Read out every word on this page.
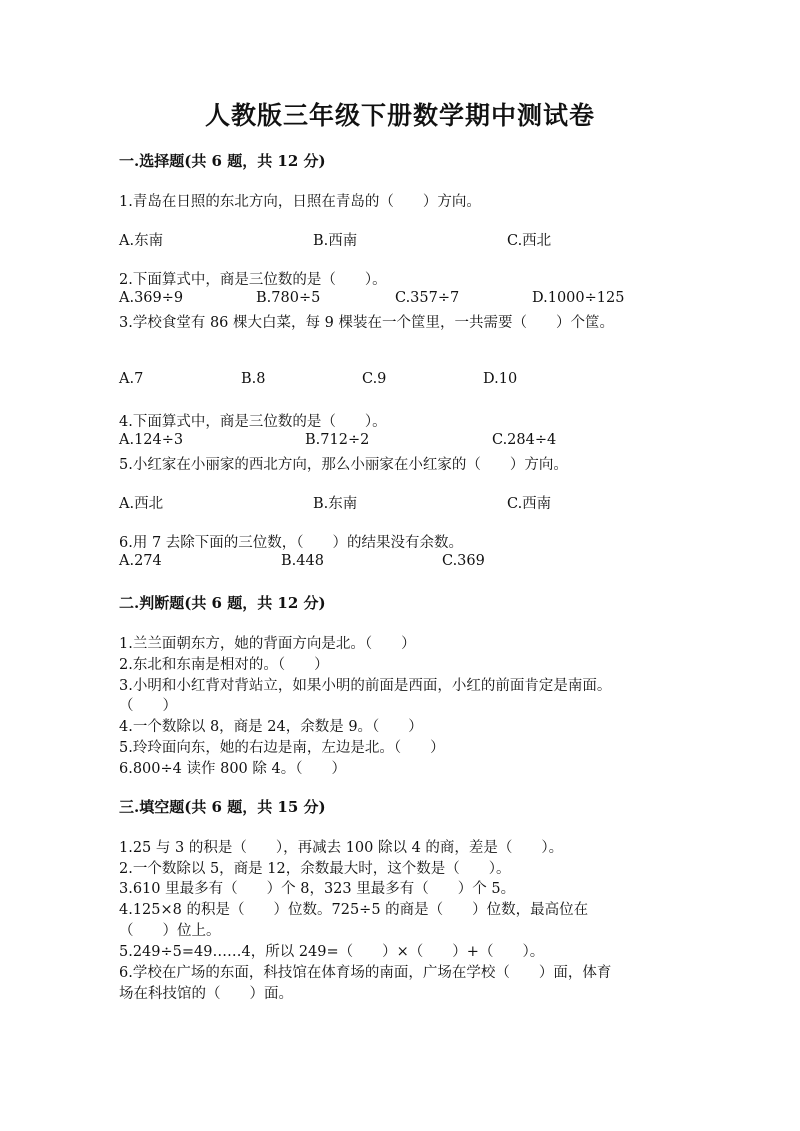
人教版三年级下册数学期中测试卷
一.选择题(共 6 题，共 12 分)
1.青岛在日照的东北方向，日照在青岛的（　　）方向。
A.东南	B.西南	C.西北
2.下面算式中，商是三位数的是（　　）。
A.369÷9	B.780÷5	C.357÷7	D.1000÷125
3.学校食堂有 86 棵大白菜，每 9 棵装在一个筐里，一共需要（　　）个筐。
A.7	B.8	C.9	D.10
4.下面算式中，商是三位数的是（　　）。
A.124÷3	B.712÷2	C.284÷4
5.小红家在小丽家的西北方向，那么小丽家在小红家的（　　）方向。
A.西北	B.东南	C.西南
6.用 7 去除下面的三位数，（　　）的结果没有余数。
A.274	B.448	C.369
二.判断题(共 6 题，共 12 分)
1.兰兰面朝东方，她的背面方向是北。（　　）
2.东北和东南是相对的。（　　）
3.小明和小红背对背站立，如果小明的前面是西面，小红的前面肯定是南面。
（　　）
4.一个数除以 8，商是 24，余数是 9。（　　）
5.玲玲面向东，她的右边是南，左边是北。（　　）
6.800÷4 读作 800 除 4。（　　）
三.填空题(共 6 题，共 15 分)
1.25 与 3 的积是（　　），再减去 100 除以 4 的商，差是（　　）。
2.一个数除以 5，商是 12，余数最大时，这个数是（　　）。
3.610 里最多有（　　）个 8，323 里最多有（　　）个 5。
4.125×8 的积是（　　）位数。725÷5 的商是（　　）位数，最高位在
（　　）位上。
5.249÷5=49……4，所以 249=（　　）×（　　）+（　　）。
6.学校在广场的东面，科技馆在体育场的南面，广场在学校（　　）面，体育
场在科技馆的（　　）面。
